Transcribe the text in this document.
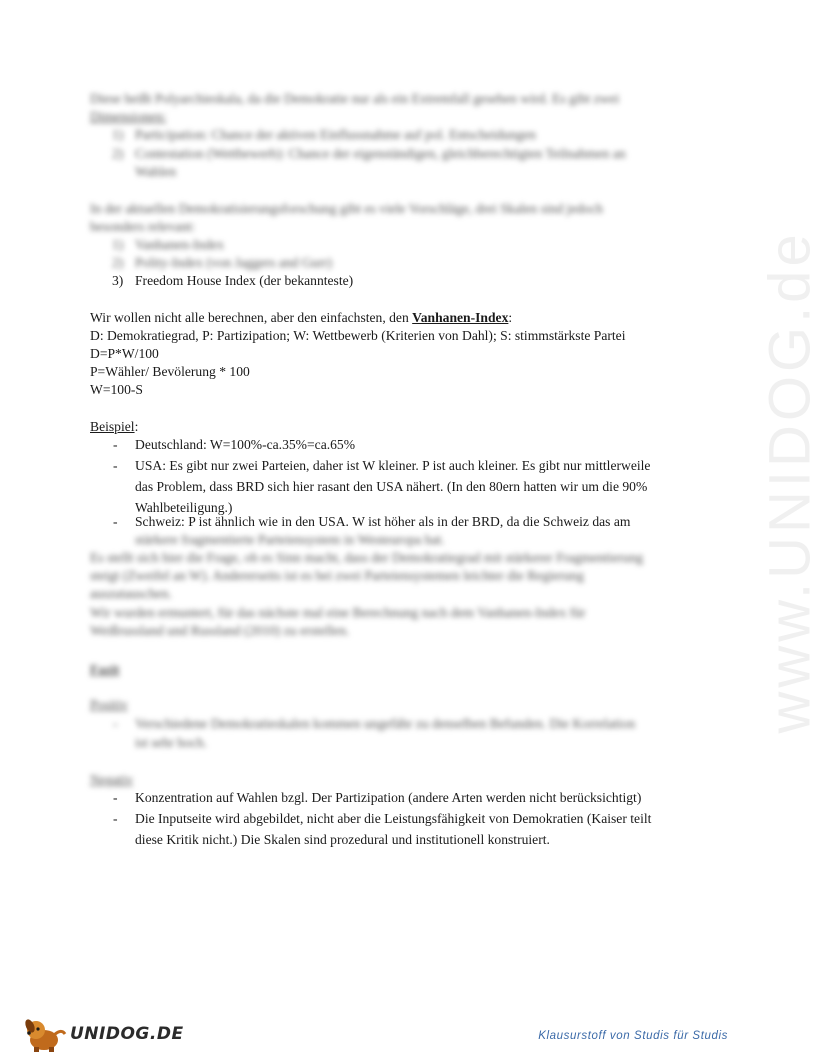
www.UNIDOG.de
Diese heißt Polyarchieskala, da die Demokratie nur als ein Extremfall gesehen wird. Es gibt zwei
Dimensionen:
1) Participation: Chance der aktiven Einflussnahme auf pol. Entscheidungen
2) Contestation (Wettbewerb): Chance der eigenständigen, gleichberechtigten Teilnahmen an
Wahlen
In der aktuellen Demokratisierungsforschung gibt es viele Vorschläge, drei Skalen sind jedoch
besonders relevant:
1) Vanhanen-Index
2) Polity-Index (von Jaggers and Gurr)
3) Freedom House Index (der bekannteste)
Wir wollen nicht alle berechnen, aber den einfachsten, den Vanhanen-Index:
D: Demokratiegrad, P: Partizipation; W: Wettbewerb (Kriterien von Dahl); S: stimmstärkste Partei
D=P*W/100
P=Wähler/ Bevölerung * 100
W=100-S
Beispiel:
- Deutschland: W=100%-ca.35%=ca.65%
- USA: Es gibt nur zwei Parteien, daher ist W kleiner. P ist auch kleiner. Es gibt nur mittlerweile
das Problem, dass BRD sich hier rasant den USA nähert. (In den 80ern hatten wir um die 90%
Wahlbeteiligung.)
- Schweiz: P ist ähnlich wie in den USA. W ist höher als in der BRD, da die Schweiz das am
stärkere fragmentierte Parteiensystem in Westeuropa hat.
Es stellt sich hier die Frage, ob es Sinn macht, dass der Demokratiegrad mit stärkerer Fragmentierung
steigt (Zweifel an W). Andererseits ist es bei zwei Parteiensystemen leichter die Regierung
auszutauschen.
Wir wurden ermuntert, für das nächste mal eine Berechnung nach dem Vanhanen-Index für
Weißrussland und Russland (2010) zu erstellen.
Fazit
Positiv
- Verschiedene Demokratieskalen kommen ungefähr zu denselben Befunden. Die Korrelation
ist sehr hoch.
Negativ
- Konzentration auf Wahlen bzgl. Der Partizipation (andere Arten werden nicht berücksichtigt)
- Die Inputseite wird abgebildet, nicht aber die Leistungsfähigkeit von Demokratien (Kaiser teilt
diese Kritik nicht.) Die Skalen sind prozedural und institutionell konstruiert.
UNIDOG.DE	Klausurstoff von Studis für Studis
